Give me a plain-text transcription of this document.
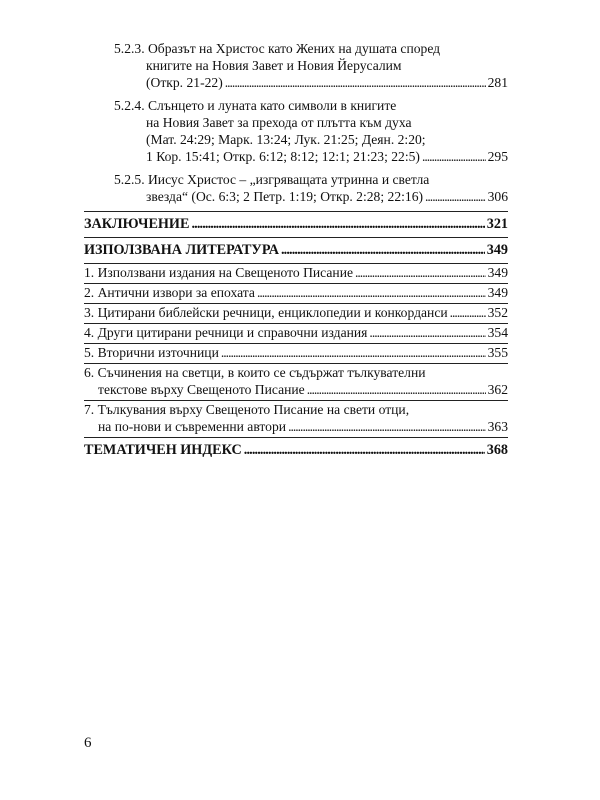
5.2.3. Образът на Христос като Жених на душата според
книгите на Новия Завет и Новия Йерусалим
(Откр. 21-22) . . .	281
5.2.4. Слънцето и луната като символи в книгите
на Новия Завет за прехода от плътта към духа
(Мат. 24:29; Марк. 13:24; Лук. 21:25; Деян. 2:20;
1 Кор. 15:41; Откр. 6:12; 8:12; 12:1; 21:23; 22:5) . . .	295
5.2.5. Иисус Христос – „изгряващата утринна и светла
звезда“ (Ос. 6:3; 2 Петр. 1:19; Откр. 2:28; 22:16) . . .	306
ЗАКЛЮЧЕНИЕ . . .	321
ИЗПОЛЗВАНА ЛИТЕРАТУРА . . .	349
1. Използвани издания на Свещеното Писание . . .	349
2. Антични извори за епохата . . .	349
3. Цитирани библейски речници, енциклопедии и конкорданси . . .	352
4. Други цитирани речници и справочни издания . . .	354
5. Вторични източници . . .	355
6. Съчинения на светци, в които се съдържат тълкувателни
текстове върху Свещеното Писание . . .	362
7. Тълкувания върху Свещеното Писание на свети отци,
на по-нови и съвременни автори . . .	363
ТЕМАТИЧЕН ИНДЕКС . . .	368
6
